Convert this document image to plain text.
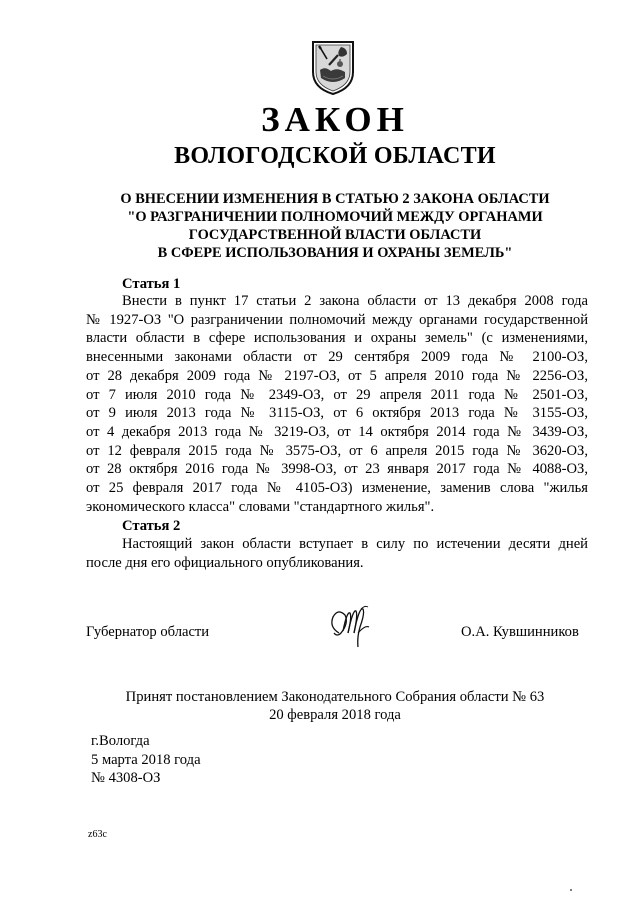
ЗАКОН
ВОЛОГОДСКОЙ ОБЛАСТИ
О ВНЕСЕНИИ ИЗМЕНЕНИЯ В СТАТЬЮ 2 ЗАКОНА ОБЛАСТИ
"О РАЗГРАНИЧЕНИИ ПОЛНОМОЧИЙ МЕЖДУ ОРГАНАМИ
ГОСУДАРСТВЕННОЙ ВЛАСТИ ОБЛАСТИ
В СФЕРЕ ИСПОЛЬЗОВАНИЯ И ОХРАНЫ ЗЕМЕЛЬ"
Статья 1
Внести в пункт 17 статьи 2 закона области от 13 декабря 2008 года
№ 1927-ОЗ "О разграничении полномочий между органами государственной
власти области в сфере использования и охраны земель" (с изменениями,
внесенными законами области от 29 сентября 2009 года № 2100-ОЗ,
от 28 декабря 2009 года № 2197-ОЗ, от 5 апреля 2010 года № 2256-ОЗ,
от 7 июля 2010 года № 2349-ОЗ, от 29 апреля 2011 года № 2501-ОЗ,
от 9 июля 2013 года № 3115-ОЗ, от 6 октября 2013 года № 3155-ОЗ,
от 4 декабря 2013 года № 3219-ОЗ, от 14 октября 2014 года № 3439-ОЗ,
от 12 февраля 2015 года № 3575-ОЗ, от 6 апреля 2015 года № 3620-ОЗ,
от 28 октября 2016 года № 3998-ОЗ, от 23 января 2017 года № 4088-ОЗ,
от 25 февраля 2017 года № 4105-ОЗ) изменение, заменив слова "жилья
экономического класса" словами "стандартного жилья".
Статья 2
Настоящий закон области вступает в силу по истечении десяти дней
после дня его официального опубликования.
Губернатор области	О.А. Кувшинников
Принят постановлением Законодательного Собрания области № 63
20 февраля 2018 года
г.Вологда
5 марта 2018 года
№ 4308-ОЗ
z63c
